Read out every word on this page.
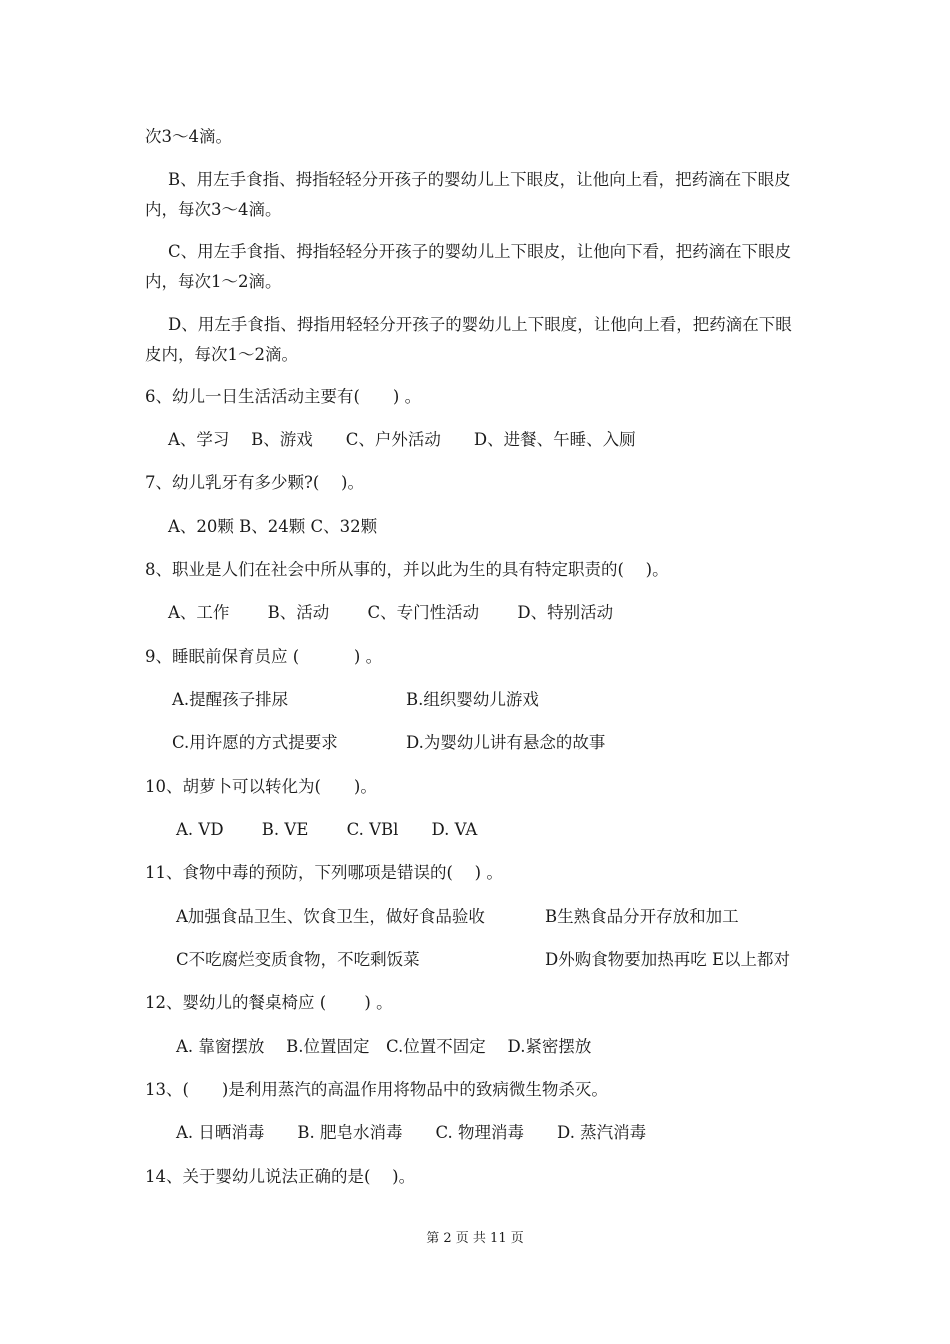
次3～4滴。
B、用左手食指、拇指轻轻分开孩子的婴幼儿上下眼皮，让他向上看，把药滴在下眼皮
内，每次3～4滴。
C、用左手食指、拇指轻轻分开孩子的婴幼儿上下眼皮，让他向下看，把药滴在下眼皮
内，每次1～2滴。
D、用左手食指、拇指用轻轻分开孩子的婴幼儿上下眼度，让他向上看，把药滴在下眼
皮内，每次1～2滴。
6、幼儿一日生活活动主要有(　　) 。
A、学习　 B、游戏　　C、户外活动　　D、进餐、午睡、入厕
7、幼儿乳牙有多少颗?(　 )。
A、20颗 B、24颗 C、32颗
8、职业是人们在社会中所从事的，并以此为生的具有特定职责的(　 )。
A、工作　　 B、活动　　 C、专门性活动　　 D、特别活动
9、睡眠前保育员应 (　　　 ) 。
A.提醒孩子排尿	B.组织婴幼儿游戏
C.用许愿的方式提要求	D.为婴幼儿讲有悬念的故事
10、胡萝卜可以转化为(　　)。
A. VD　　 B. VE　　 C. VBl　　D. VA
11、食物中毒的预防，下列哪项是错误的(　 ) 。
A加强食品卫生、饮食卫生，做好食品验收	B生熟食品分开存放和加工
C不吃腐烂变质食物，不吃剩饭菜	D外购食物要加热再吃 E以上都对
12、婴幼儿的餐桌椅应 (　　 ) 。
A. 靠窗摆放　 B.位置固定　C.位置不固定　 D.紧密摆放
13、(　　)是利用蒸汽的高温作用将物品中的致病微生物杀灭。
A. 日晒消毒　　B. 肥皂水消毒　　C. 物理消毒　　D. 蒸汽消毒
14、关于婴幼儿说法正确的是(　 )。
第 2 页 共 11 页
